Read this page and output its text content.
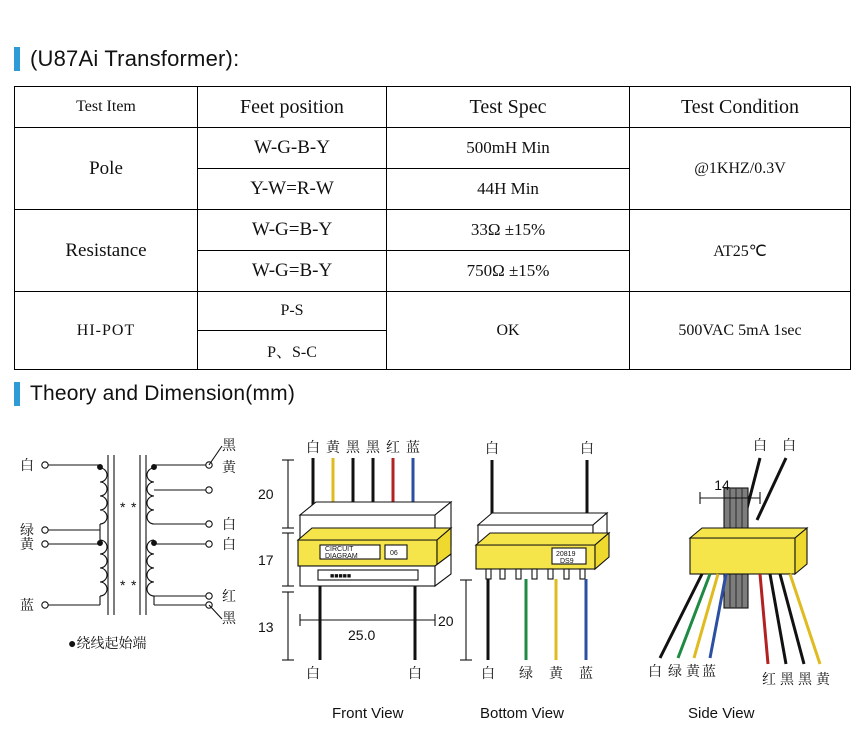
(U87Ai Transformer):
Test Item	Feet position	Test Spec	Test Condition
Pole	W-G-B-Y	500mH Min	@1KHZ/0.3V
	Y-W=R-W	44H Min	
Resistance	W-G=B-Y	33Ω ±15%	AT25℃
	W-G=B-Y	750Ω ±15%	
HI-POT	P-S	OK	500VAC 5mA 1sec
	P、S-C		
Theory and Dimension(mm)
* *
* *
白
绿
黄
蓝
黑
黄
白
白
红
黑
●绕线起始端
白 黄 黑 黑 红 蓝
白	白
20
17
13	25.0
CIRCUIT
DIAGRAM	06
■■■■■
Front View
白	白
白 绿 黄 蓝
20
20819
DS9
Bottom View
白 白
14
白 绿 黄 蓝	红 黑 黑 黄
Side View
